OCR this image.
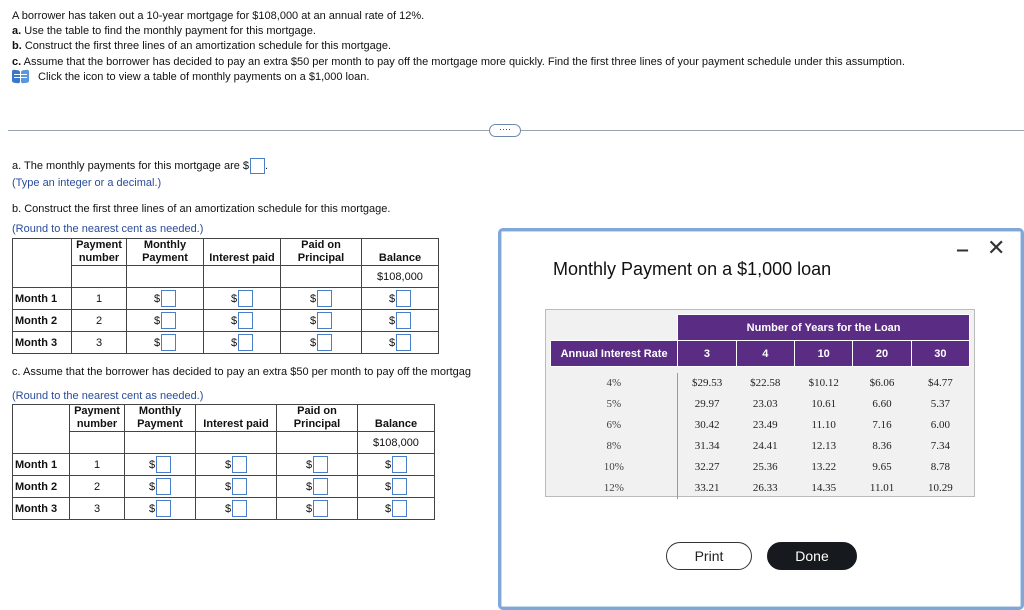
A borrower has taken out a 10-year mortgage for $108,000 at an annual rate of 12%.
a. Use the table to find the monthly payment for this mortgage.
b. Construct the first three lines of an amortization schedule for this mortgage.
c. Assume that the borrower has decided to pay an extra $50 per month to pay off the mortgage more quickly. Find the first three lines of your payment schedule under this assumption.
Click the icon to view a table of monthly payments on a $1,000 loan.
····
a. The monthly payments for this mortgage are $ .
(Type an integer or a decimal.)
b. Construct the first three lines of an amortization schedule for this mortgage.
(Round to the nearest cent as needed.)
	Payment number	Monthly Payment	Interest paid	Paid on Principal	Balance
					$108,000
Month 1	1	$	$	$	$

Month 2	2	$	$	$	$

Month 3	3	$	$	$	$
c. Assume that the borrower has decided to pay an extra $50 per month to pay off the mortgag
(Round to the nearest cent as needed.)
	Payment number	Monthly Payment	Interest paid	Paid on Principal	Balance
					$108,000
Month 1	1	$	$	$	$

Month 2	2	$	$	$	$

Month 3	3	$	$	$	$
Monthly Payment on a $1,000 loan
‒ ✕
	Number of Years for the Loan				
Annual Interest Rate	3	4	10	20	30

4%	$29.53	$22.58	$10.12	$6.06	$4.77
5%	29.97	23.03	10.61	6.60	5.37
6%	30.42	23.49	11.10	7.16	6.00
8%	31.34	24.41	12.13	8.36	7.34
10%	32.27	25.36	13.22	9.65	8.78
12%	33.21	26.33	14.35	11.01	10.29
Print	Done
